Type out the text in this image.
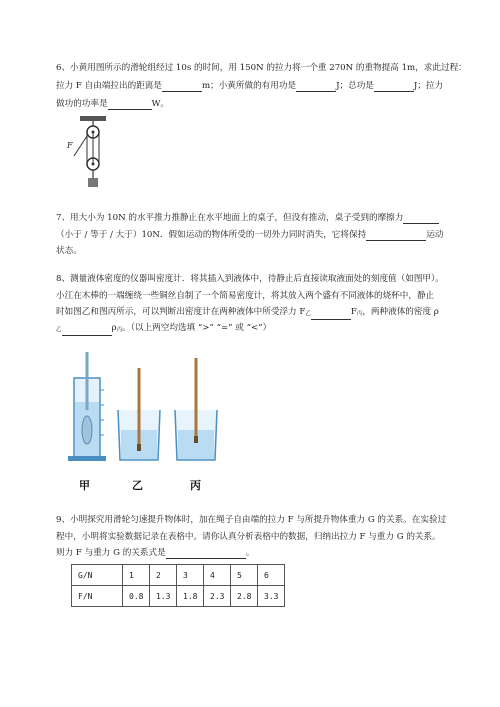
6、小黄用图所示的滑轮组经过 10s 的时间，用 150N 的拉力将一个重 270N 的重物提高 1m，求此过程：
拉力 F 自由端拉出的距离是	m；小黄所做的有用功是	J；总功是	J；拉力
做功的功率是	W。
F
7、用大小为 10N 的水平推力推静止在水平地面上的桌子，但没有推动，桌子受到的摩擦力
（小于 / 等于 / 大于）10N．假如运动的物体所受的一切外力同时消失，它将保持	运动
状态。
8、测量液体密度的仪器叫密度计．将其插入到液体中，待静止后直接读取液面处的刻度值（如图甲）。
小江在木棒的一端缠绕一些铜丝自制了一个简易密度计，将其放入两个盛有不同液体的烧杯中，静止
时如图乙和图丙所示，可以判断出密度计在两种液体中所受浮力 F乙	F丙，两种液体的密度 ρ
乙	ρ丙。（以上两空均选填 “>” “=” 或 “<”）
甲	乙	丙
9、小明探究用滑轮匀速提升物体时，加在绳子自由端的拉力 F 与所提升物体重力 G 的关系。在实验过
程中，小明将实验数据记录在表格中。请你认真分析表格中的数据，归纳出拉力 F 与重力 G 的关系。
则力 F 与重力 G 的关系式是	。
G/N	1	2	3	4	5	6
F/N	0.8	1.3	1.8	2.3	2.8	3.3
